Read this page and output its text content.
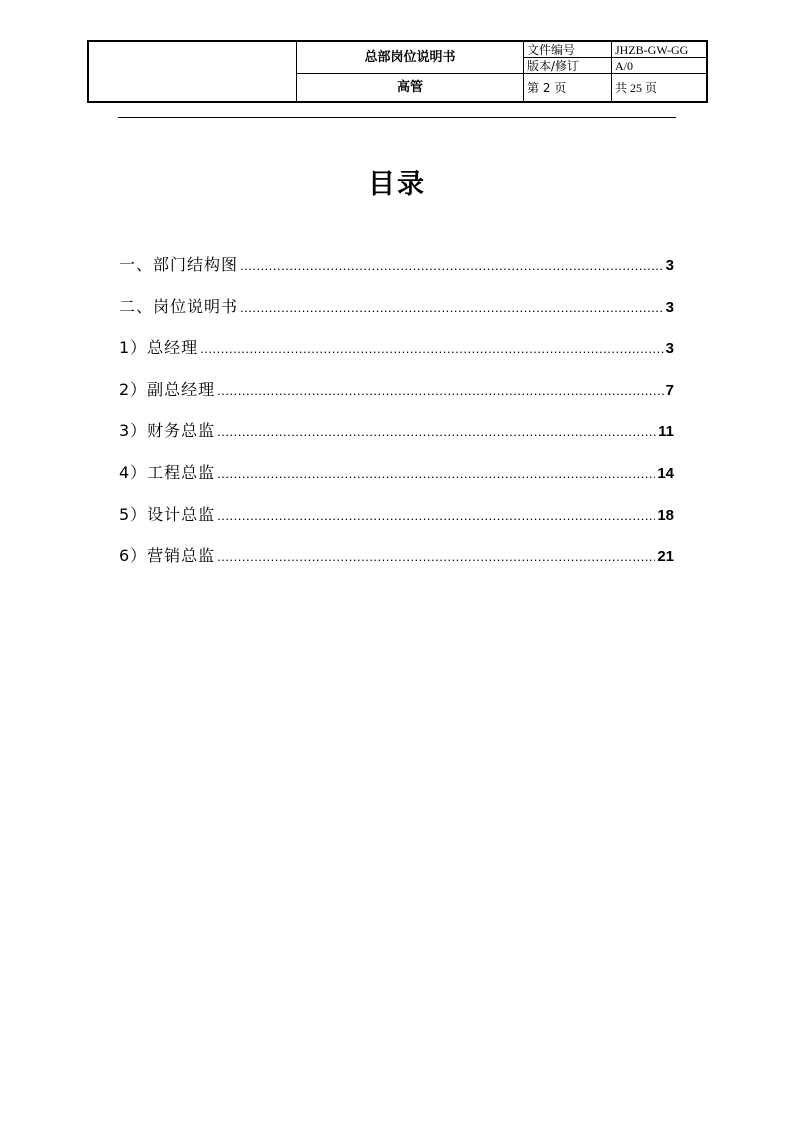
	总部岗位说明书	文件编号	JHZB-GW-GG
		版本/修订	A/0
	高管	第 2 页	共 25 页
目录
一、部门结构图 .....	3
二、岗位说明书 .....	3
1）总经理 .....	3
2）副总经理 .....	7
3）财务总监 .....	11
4）工程总监 .....	14
5）设计总监 .....	18
6）营销总监 .....	21
